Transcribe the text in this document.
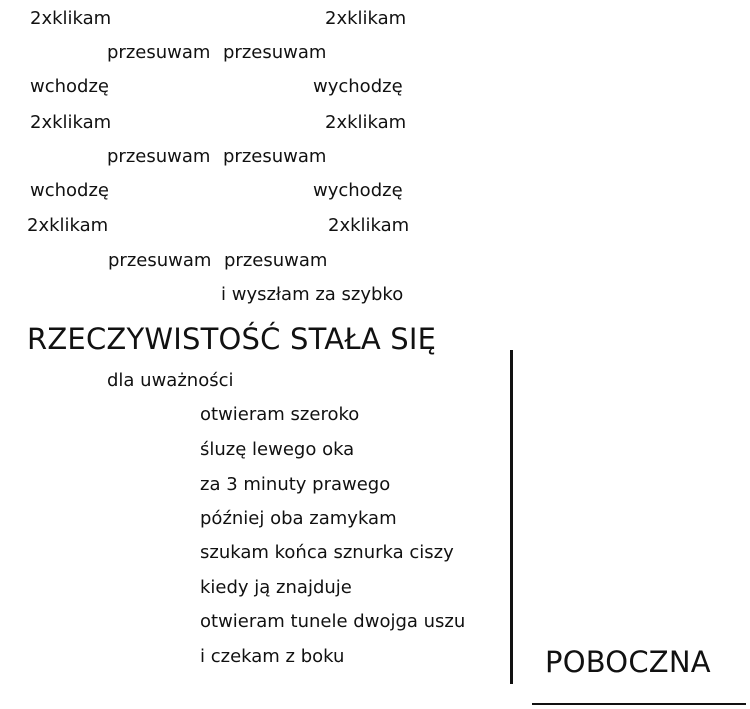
2xklikam	2xklikam
przesuwam przesuwam
wchodzę	wychodzę
2xklikam	2xklikam
przesuwam przesuwam
wchodzę	wychodzę
2xklikam	2xklikam
przesuwam przesuwam
i wyszłam za szybko
RZECZYWISTOŚĆ STAŁA SIĘ
dla uważności
otwieram szeroko
śluzę lewego oka
za 3 minuty prawego
później oba zamykam
szukam końca sznurka ciszy
kiedy ją znajduje
otwieram tunele dwojga uszu
i czekam z boku	POBOCZNA
